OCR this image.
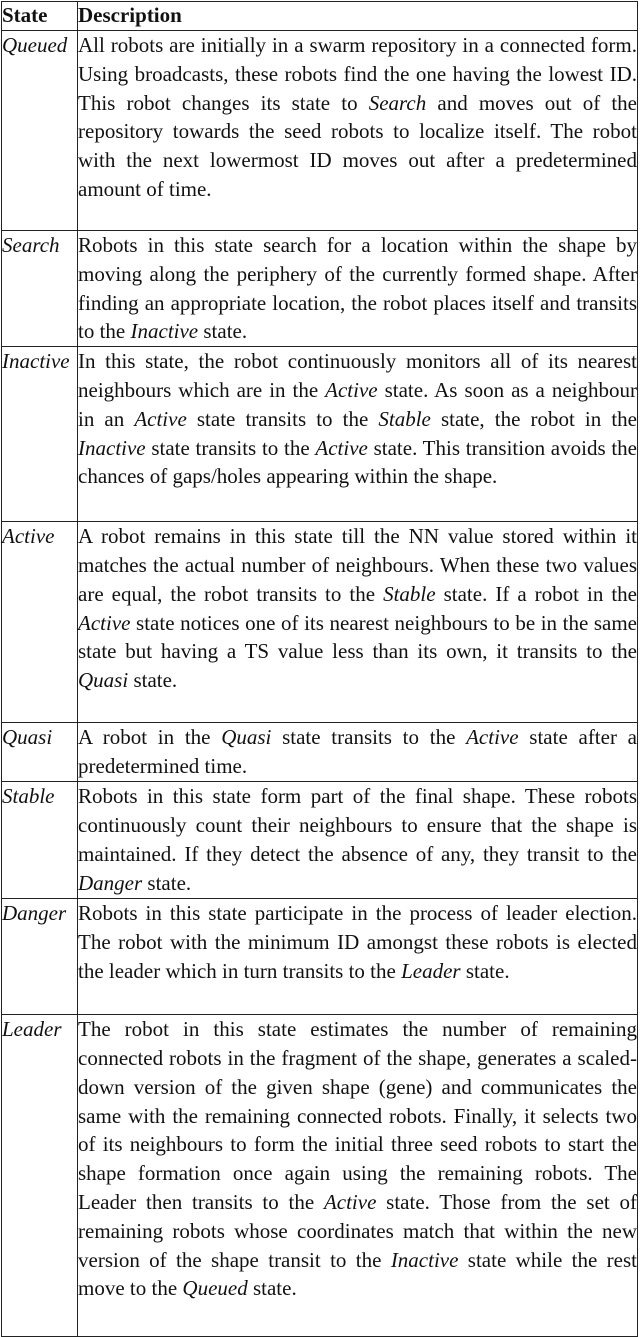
State	Description
Queued	All robots are initially in a swarm repository in a connected form. Using broadcasts, these robots find the one having the lowest ID. This robot changes its state to Search and moves out of the repository towards the seed robots to localize itself. The robot with the next lowermost ID moves out after a predetermined amount of time.
Search	Robots in this state search for a location within the shape by moving along the periphery of the currently formed shape. After finding an appropriate location, the robot places itself and transits to the Inactive state.
Inactive	In this state, the robot continuously monitors all of its nearest neighbours which are in the Active state. As soon as a neighbour in an Active state transits to the Stable state, the robot in the Inactive state transits to the Active state. This transition avoids the chances of gaps/holes appearing within the shape.
Active	A robot remains in this state till the NN value stored within it matches the actual number of neighbours. When these two values are equal, the robot transits to the Stable state. If a robot in the Active state notices one of its nearest neighbours to be in the same state but having a TS value less than its own, it transits to the Quasi state.
Quasi	A robot in the Quasi state transits to the Active state after a predetermined time.
Stable	Robots in this state form part of the final shape. These robots continuously count their neighbours to ensure that the shape is maintained. If they detect the absence of any, they transit to the Danger state.
Danger	Robots in this state participate in the process of leader election. The robot with the minimum ID amongst these robots is elected the leader which in turn transits to the Leader state.
Leader	The robot in this state estimates the number of remaining connected robots in the fragment of the shape, generates a scaled-down version of the given shape (gene) and communicates the same with the remaining connected robots. Finally, it selects two of its neighbours to form the initial three seed robots to start the shape formation once again using the remaining robots. The Leader then transits to the Active state. Those from the set of remaining robots whose coordinates match that within the new version of the shape transit to the Inactive state while the rest move to the Queued state.
